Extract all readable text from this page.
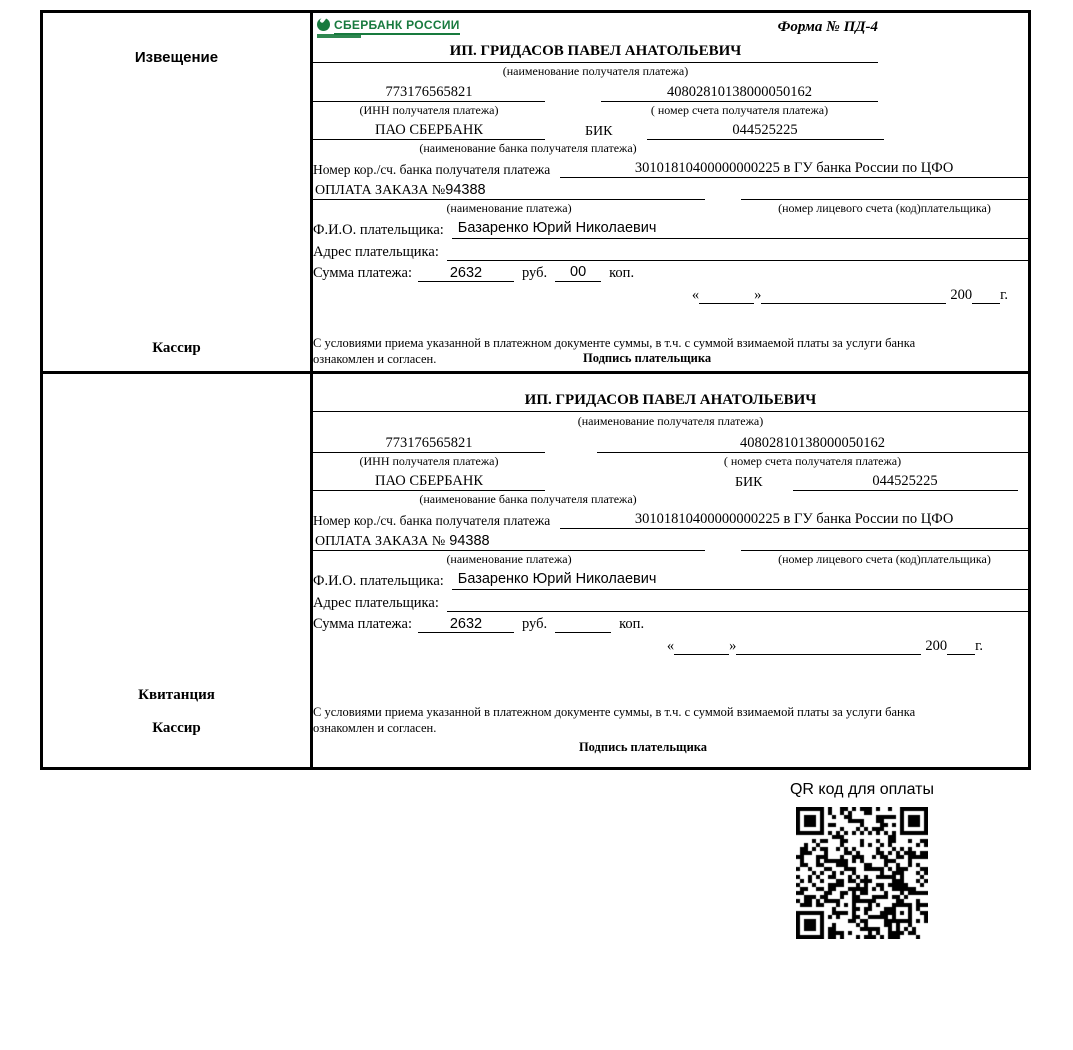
Извещение
Кассир
СБЕРБАНК РОССИИ	Форма № ПД-4
ИП. ГРИДАСОВ ПАВЕЛ АНАТОЛЬЕВИЧ
(наименование получателя платежа)
773176565821	40802810138000050162
(ИНН получателя платежа)	( номер счета получателя платежа)
ПАО СБЕРБАНК	БИК	044525225
(наименование банка получателя платежа)
Номер кор./сч. банка получателя платежа	30101810400000000225 в ГУ банка России по ЦФО
ОПЛАТА ЗАКАЗА №94388
(наименование платежа)	(номер лицевого счета (код)плательщика)
Ф.И.О. плательщика: Базаренко Юрий Николаевич
Адрес плательщика:
Сумма платежа:	2632	руб.	00	коп.
«	»	200 г.
С условиями приема указанной в платежном документе суммы, в т.ч. с суммой взимаемой платы за услуги банка ознакомлен и согласен.	Подпись плательщика
Квитанция
Кассир
ИП. ГРИДАСОВ ПАВЕЛ АНАТОЛЬЕВИЧ
(наименование получателя платежа)
773176565821	40802810138000050162
(ИНН получателя платежа)	( номер счета получателя платежа)
ПАО СБЕРБАНК	БИК	044525225
(наименование банка получателя платежа)
Номер кор./сч. банка получателя платежа	30101810400000000225 в ГУ банка России по ЦФО
ОПЛАТА ЗАКАЗА № 94388
(наименование платежа)	(номер лицевого счета (код)плательщика)
Ф.И.О. плательщика: Базаренко Юрий Николаевич
Адрес плательщика:
Сумма платежа:	2632	руб.	коп.
«	»	200 г.
С условиями приема указанной в платежном документе суммы, в т.ч. с суммой взимаемой платы за услуги банка ознакомлен и согласен.
Подпись плательщика
QR код для оплаты
